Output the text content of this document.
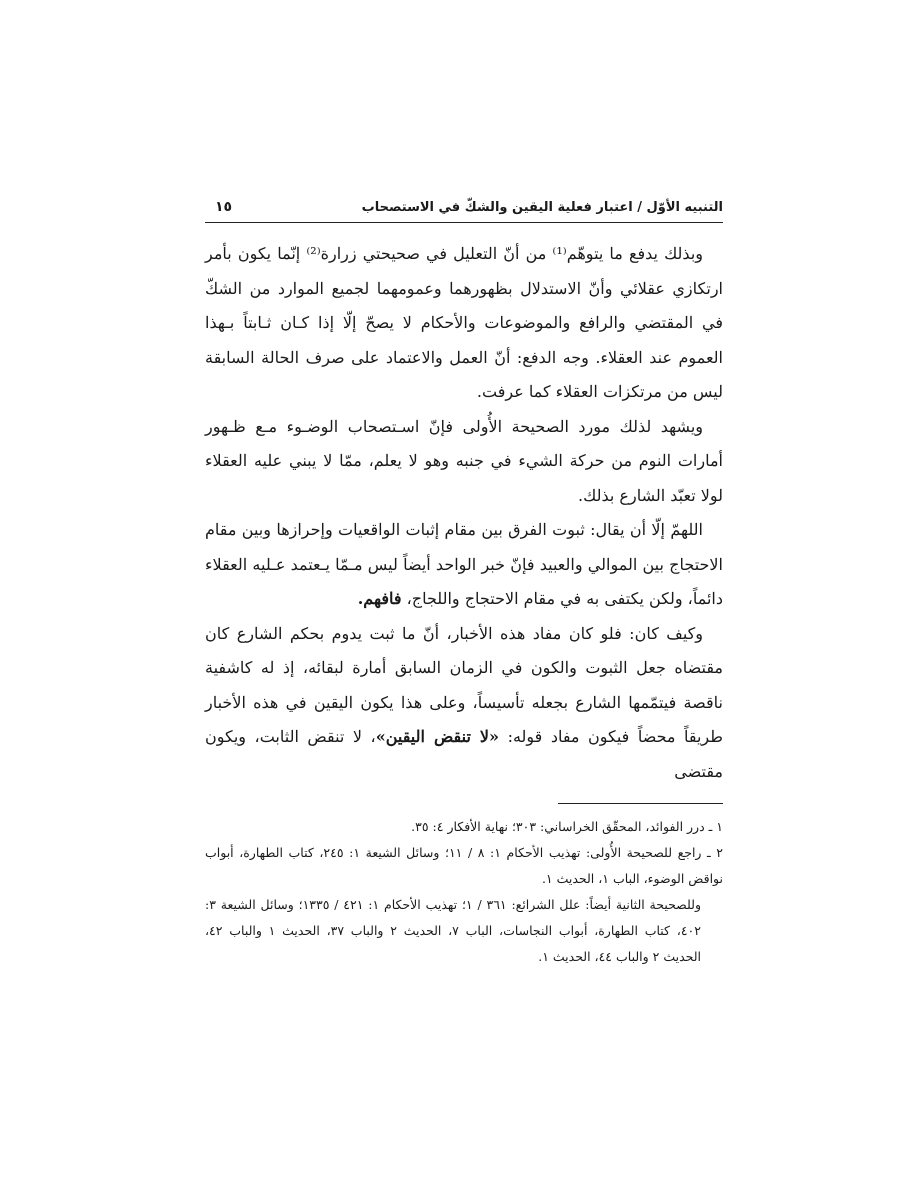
التنبيه الأوّل / اعتبار فعلية اليقين والشكّ في الاستصحاب
١٥

وبذلك يدفع ما يتوهّم⁽¹⁾ من أنّ التعليل في صحيحتي زرارة⁽²⁾ إنّما يكون بأمر ارتكازي عقلائي وأنّ الاستدلال بظهورهما وعمومهما لجميع الموارد من الشكّ في المقتضي والرافع والموضوعات والأحكام لا يصحّ إلّا إذا كـان ثـابتاً بـهذا العموم عند العقلاء. وجه الدفع: أنّ العمل والاعتماد على صرف الحالة السابقة ليس من مرتكزات العقلاء كما عرفت.

ويشهد لذلك مورد الصحيحة الأُولى فإنّ اسـتصحاب الوضـوء مـع ظـهور أمارات النوم من حركة الشيء في جنبه وهو لا يعلم، ممّا لا يبني عليه العقلاء لولا تعبّد الشارع بذلك.

اللهمّ إلّا أن يقال: ثبوت الفرق بين مقام إثبات الواقعيات وإحرازها وبين مقام الاحتجاج بين الموالي والعبيد فإنّ خبر الواحد أيضاً ليس مـمّا يـعتمد عـليه العقلاء دائماً، ولكن يكتفى به في مقام الاحتجاج واللجاج، فافهم.

وكيف كان: فلو كان مفاد هذه الأخبار، أنّ ما ثبت يدوم بحكم الشارع كان مقتضاه جعل الثبوت والكون في الزمان السابق أمارة لبقائه، إذ له كاشفية ناقصة فيتمّمها الشارع بجعله تأسيساً، وعلى هذا يكون اليقين في هذه الأخبار طريقاً محضاً فيكون مفاد قوله: «لا تنقض اليقين»، لا تنقض الثابت، ويكون مقتضى

١ ـ درر الفوائد، المحقّق الخراساني: ٣٠٣؛ نهاية الأفكار ٤: ٣٥.

٢ ـ راجع للصحيحة الأُولى: تهذيب الأحكام ١: ٨ / ١١؛ وسائل الشيعة ١: ٢٤٥، كتاب الطهارة، أبواب نواقض الوضوء، الباب ١، الحديث ١.

وللصحيحة الثانية أيضاً: علل الشرائع: ٣٦١ / ١؛ تهذيب الأحكام ١: ٤٢١ / ١٣٣٥؛ وسائل الشيعة ٣: ٤٠٢، كتاب الطهارة، أبواب النجاسات، الباب ٧، الحديث ٢ والباب ٣٧، الحديث ١ والباب ٤٢، الحديث ٢ والباب ٤٤، الحديث ١.
